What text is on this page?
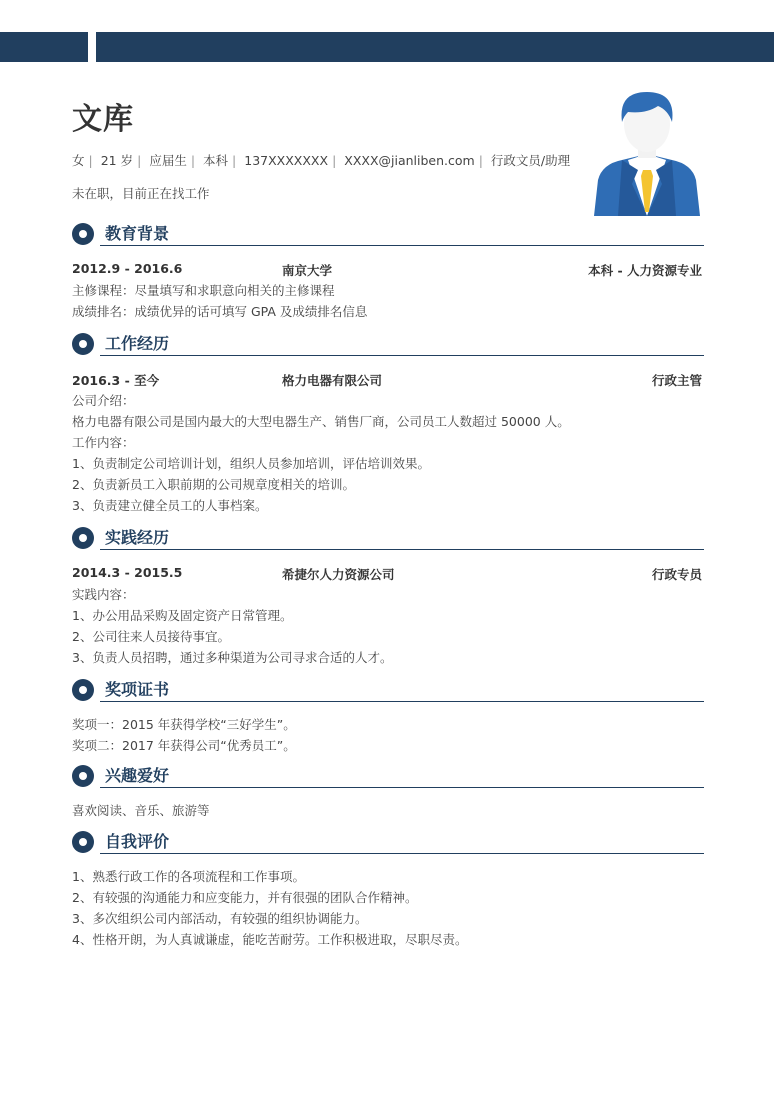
文库
女 | 21 岁 | 应届生 | 本科 | 137XXXXXXX | XXXX@jianliben.com | 行政文员/助理
未在职，目前正在找工作
教育背景
2012.9 - 2016.6	南京大学	本科 - 人力资源专业
主修课程：尽量填写和求职意向相关的主修课程
成绩排名：成绩优异的话可填写 GPA 及成绩排名信息
工作经历
2016.3 - 至今	格力电器有限公司	行政主管
公司介绍：
格力电器有限公司是国内最大的大型电器生产、销售厂商，公司员工人数超过 50000 人。
工作内容：
1、负责制定公司培训计划，组织人员参加培训，评估培训效果。
2、负责新员工入职前期的公司规章度相关的培训。
3、负责建立健全员工的人事档案。
实践经历
2014.3 - 2015.5	希捷尔人力资源公司	行政专员
实践内容：
1、办公用品采购及固定资产日常管理。
2、公司往来人员接待事宜。
3、负责人员招聘，通过多种渠道为公司寻求合适的人才。
奖项证书
奖项一：2015 年获得学校“三好学生”。
奖项二：2017 年获得公司“优秀员工”。
兴趣爱好
喜欢阅读、音乐、旅游等
自我评价
1、熟悉行政工作的各项流程和工作事项。
2、有较强的沟通能力和应变能力，并有很强的团队合作精神。
3、多次组织公司内部活动，有较强的组织协调能力。
4、性格开朗，为人真诚谦虚，能吃苦耐劳。工作积极进取，尽职尽责。
